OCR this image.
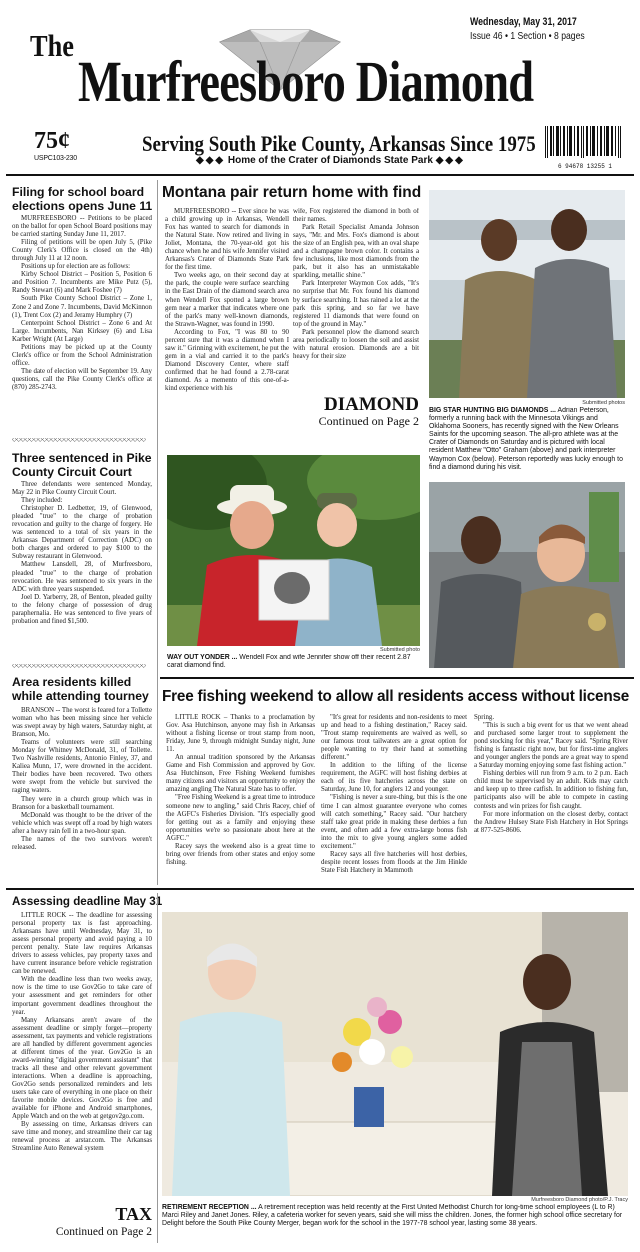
The
Murfreesboro Diamond
Wednesday, May 31, 2017
Issue 46 • 1 Section • 8 pages
75¢
USPC103-230
Serving South Pike County, Arkansas Since 1975
◆◆◆ Home of the Crater of Diamonds State Park ◆◆◆
6 94678 13255 1
Filing for school board elections opens June 11

MURFREESBORO -- Petitions to be placed on the ballot for open School Board positions may be carried starting Sunday June 11, 2017.

Filing of petitions will be open July 5, (Pike County Clerk's Office is closed on the 4th) through July 11 at 12 noon.

Positions up for election are as follows:

Kirby School District – Position 5, Position 6 and Position 7. Incumbents are Mike Putz (5), Randy Stewart (6) and Mark Foshee (7)

South Pike County School District – Zone 1, Zone 2 and Zone 7. Incumbents, David McKinnon (1), Trent Cox (2) and Jeramy Humphry (7)

Centerpoint School District – Zone 6 and At Large. Incumbents, Nan Kirksey (6) and Lisa Karber Wright (At Large)

Petitions may be picked up at the County Clerk's office or from the School Administration office.

The date of election will be September 19. Any questions, call the Pike County Clerk's office at (870) 285-2743.

◇◇◇◇◇◇◇◇◇◇◇◇◇◇◇◇◇◇◇◇◇◇◇◇◇◇◇◇◇◇◇
Three sentenced in Pike County Circuit Court

Three defendants were sentenced Monday, May 22 in Pike County Circuit Court.

They included:

Christopher D. Ledbetter, 19, of Glenwood, pleaded "true" to the charge of probation revocation and guilty to the charge of forgery. He was sentenced to a total of six years in the Arkansas Department of Correction (ADC) on both charges and ordered to pay $100 to the Subway restaurant in Glenwood.

Matthew Lansdell, 28, of Murfreesboro, pleaded "true" to the charge of probation revocation. He was sentenced to six years in the ADC with three years suspended.

Joel D. Yarberry, 28, of Benton, pleaded guilty to the felony charge of possession of drug paraphernalia. He was sentenced to five years of probation and fined $1,500.

◇◇◇◇◇◇◇◇◇◇◇◇◇◇◇◇◇◇◇◇◇◇◇◇◇◇◇◇◇◇◇
Area residents killed while attending tourney

BRANSON -- The worst is feared for a Tollette woman who has been missing since her vehicle was swept away by high waters, Saturday night, at Branson, Mo.

Teams of volunteers were still searching Monday for Whitney McDonald, 31, of Tollette. Two Nashville residents, Antonio Finley, 37, and Kaliea Munn, 17, were drowned in the accident. Their bodies have been recovered. Two others were swept from the vehicle but survived the raging waters.

They were in a church group which was in Branson for a basketball tournament.

McDonald was thought to be the driver of the vehicle which was swept off a road by high waters after a heavy rain fell in a two-hour span.

The names of the two survivors weren't released.

Assessing deadline May 31

LITTLE ROCK -- The deadline for assessing personal property tax is fast approaching. Arkansans have until Wednesday, May 31, to assess personal property and avoid paying a 10 percent penalty. State law requires Arkansas drivers to assess vehicles, pay property taxes and have current insurance before vehicle registration can be renewed.

With the deadline less than two weeks away, now is the time to use Gov2Go to take care of your assessment and get reminders for other important government deadlines throughout the year.

Many Arkansans aren't aware of the assessment deadline or simply forget—property assessment, tax payments and vehicle registrations are all handled by different government agencies at different times of the year. Gov2Go is an award-winning "digital government assistant" that tracks all these and other relevant government interactions. When a deadline is approaching, Gov2Go sends personalized reminders and lets users take care of everything in one place on their favorite mobile devices. Gov2Go is free and available for iPhone and Android smartphones, Apple Watch and on the web at getgov2go.com.

By assessing on time, Arkansas drivers can save time and money, and streamline their car tag renewal process at arstar.com. The Arkansas Streamline Auto Renewal system

TAX
Continued on Page 2
Montana pair return home with find

MURFREESBORO -- Ever since he was a child growing up in Arkansas, Wendell Fox has wanted to search for diamonds in the Natural State. Now retired and living in Joliet, Montana, the 70-year-old got his chance when he and his wife Jennifer visited Arkansas's Crater of Diamonds State Park for the first time.

Two weeks ago, on their second day at the park, the couple were surface searching in the East Drain of the diamond search area when Wendell Fox spotted a large brown gem near a marker that indicates where one of the park's many well-known diamonds, the Strawn-Wagner, was found in 1990.

According to Fox, "I was 80 to 90 percent sure that it was a diamond when I saw it." Grinning with excitement, he put the gem in a vial and carried it to the park's Diamond Discovery Center, where staff confirmed that he had found a 2.78-carat diamond. As a memento of this one-of-a-kind experience with his

wife, Fox registered the diamond in both of their names.

Park Retail Specialist Amanda Johnson says, "Mr. and Mrs. Fox's diamond is about the size of an English pea, with an oval shape and a champagne brown color. It contains a few inclusions, like most diamonds from the park, but it also has an unmistakable sparkling, metallic shine."

Park Interpreter Waymon Cox adds, "It's no surprise that Mr. Fox found his diamond by surface searching. It has rained a lot at the park this spring, and so far we have registered 11 diamonds that were found on top of the ground in May."

Park personnel plow the diamond search area periodically to loosen the soil and assist with natural erosion. Diamonds are a bit heavy for their size

DIAMOND
Continued on Page 2
Submitted photo
WAY OUT YONDER ... Wendell Fox and wife Jennifer show off their recent 2.87 carat diamond find.
Submitted photos
BIG STAR HUNTING BIG DIAMONDS ... Adrian Peterson, formerly a running back with the Minnesota Vikings and Oklahoma Sooners, has recently signed with the New Orleans Saints for the upcoming season. The all-pro athlete was at the Crater of Diamonds on Saturday and is pictured with local resident Matthew "Otto" Graham (above) and park interpreter Waymon Cox (below). Peterson reportedly was lucky enough to find a diamond during his visit.
Free fishing weekend to allow all residents access without license

LITTLE ROCK – Thanks to a proclamation by Gov. Asa Hutchinson, anyone may fish in Arkansas without a fishing license or trout stamp from noon, Friday, June 9, through midnight Sunday night, June 11.

An annual tradition sponsored by the Arkansas Game and Fish Commission and approved by Gov. Asa Hutchinson, Free Fishing Weekend furnishes many citizens and visitors an opportunity to enjoy the amazing angling The Natural State has to offer.

"Free Fishing Weekend is a great time to introduce someone new to angling," said Chris Racey, chief of the AGFC's Fisheries Division. "It's especially good for getting out as a family and enjoying these opportunities we're so passionate about here at the AGFC."

Racey says the weekend also is a great time to bring over friends from other states and enjoy some fishing.

"It's great for residents and non-residents to meet up and head to a fishing destination," Racey said. "Trout stamp requirements are waived as well, so our famous trout tailwaters are a great option for people wanting to try their hand at something different."

In addition to the lifting of the license requirement, the AGFC will host fishing derbies at each of its five hatcheries across the state on Saturday, June 10, for anglers 12 and younger.

"Fishing is never a sure-thing, but this is the one time I can almost guarantee everyone who comes will catch something," Racey said. "Our hatchery staff take great pride in making these derbies a fun event, and often add a few extra-large bonus fish into the mix to give young anglers some added excitement."

Racey says all five hatcheries will host derbies, despite recent losses from floods at the Jim Hinkle State Fish Hatchery in Mammoth

Spring.

"This is such a big event for us that we went ahead and purchased some larger trout to supplement the pond stocking for this year," Racey said. "Spring River fishing is fantastic right now, but for first-time anglers and younger anglers the ponds are a great way to spend a Saturday morning enjoying some fast fishing action."

Fishing derbies will run from 9 a.m. to 2 p.m. Each child must be supervised by an adult. Kids may catch and keep up to three catfish. In addition to fishing fun, participants also will be able to compete in casting contests and win prizes for fish caught.

For more information on the closest derby, contact the Andrew Hulsey State Fish Hatchery in Hot Springs at 877-525-8606.

Murfreesboro Diamond photo/P.J. Tracy
RETIREMENT RECEPTION ... A retirement reception was held recently at the First United Methodist Church for long-time school employees (L to R) Marci Riley and Janet Jones. Riley, a cafeteria worker for seven years, said she will miss the children. Jones, the former high school office secretary for Delight before the South Pike County Merger, began work for the school in the 1977-78 school year, lasting some 38 years.
